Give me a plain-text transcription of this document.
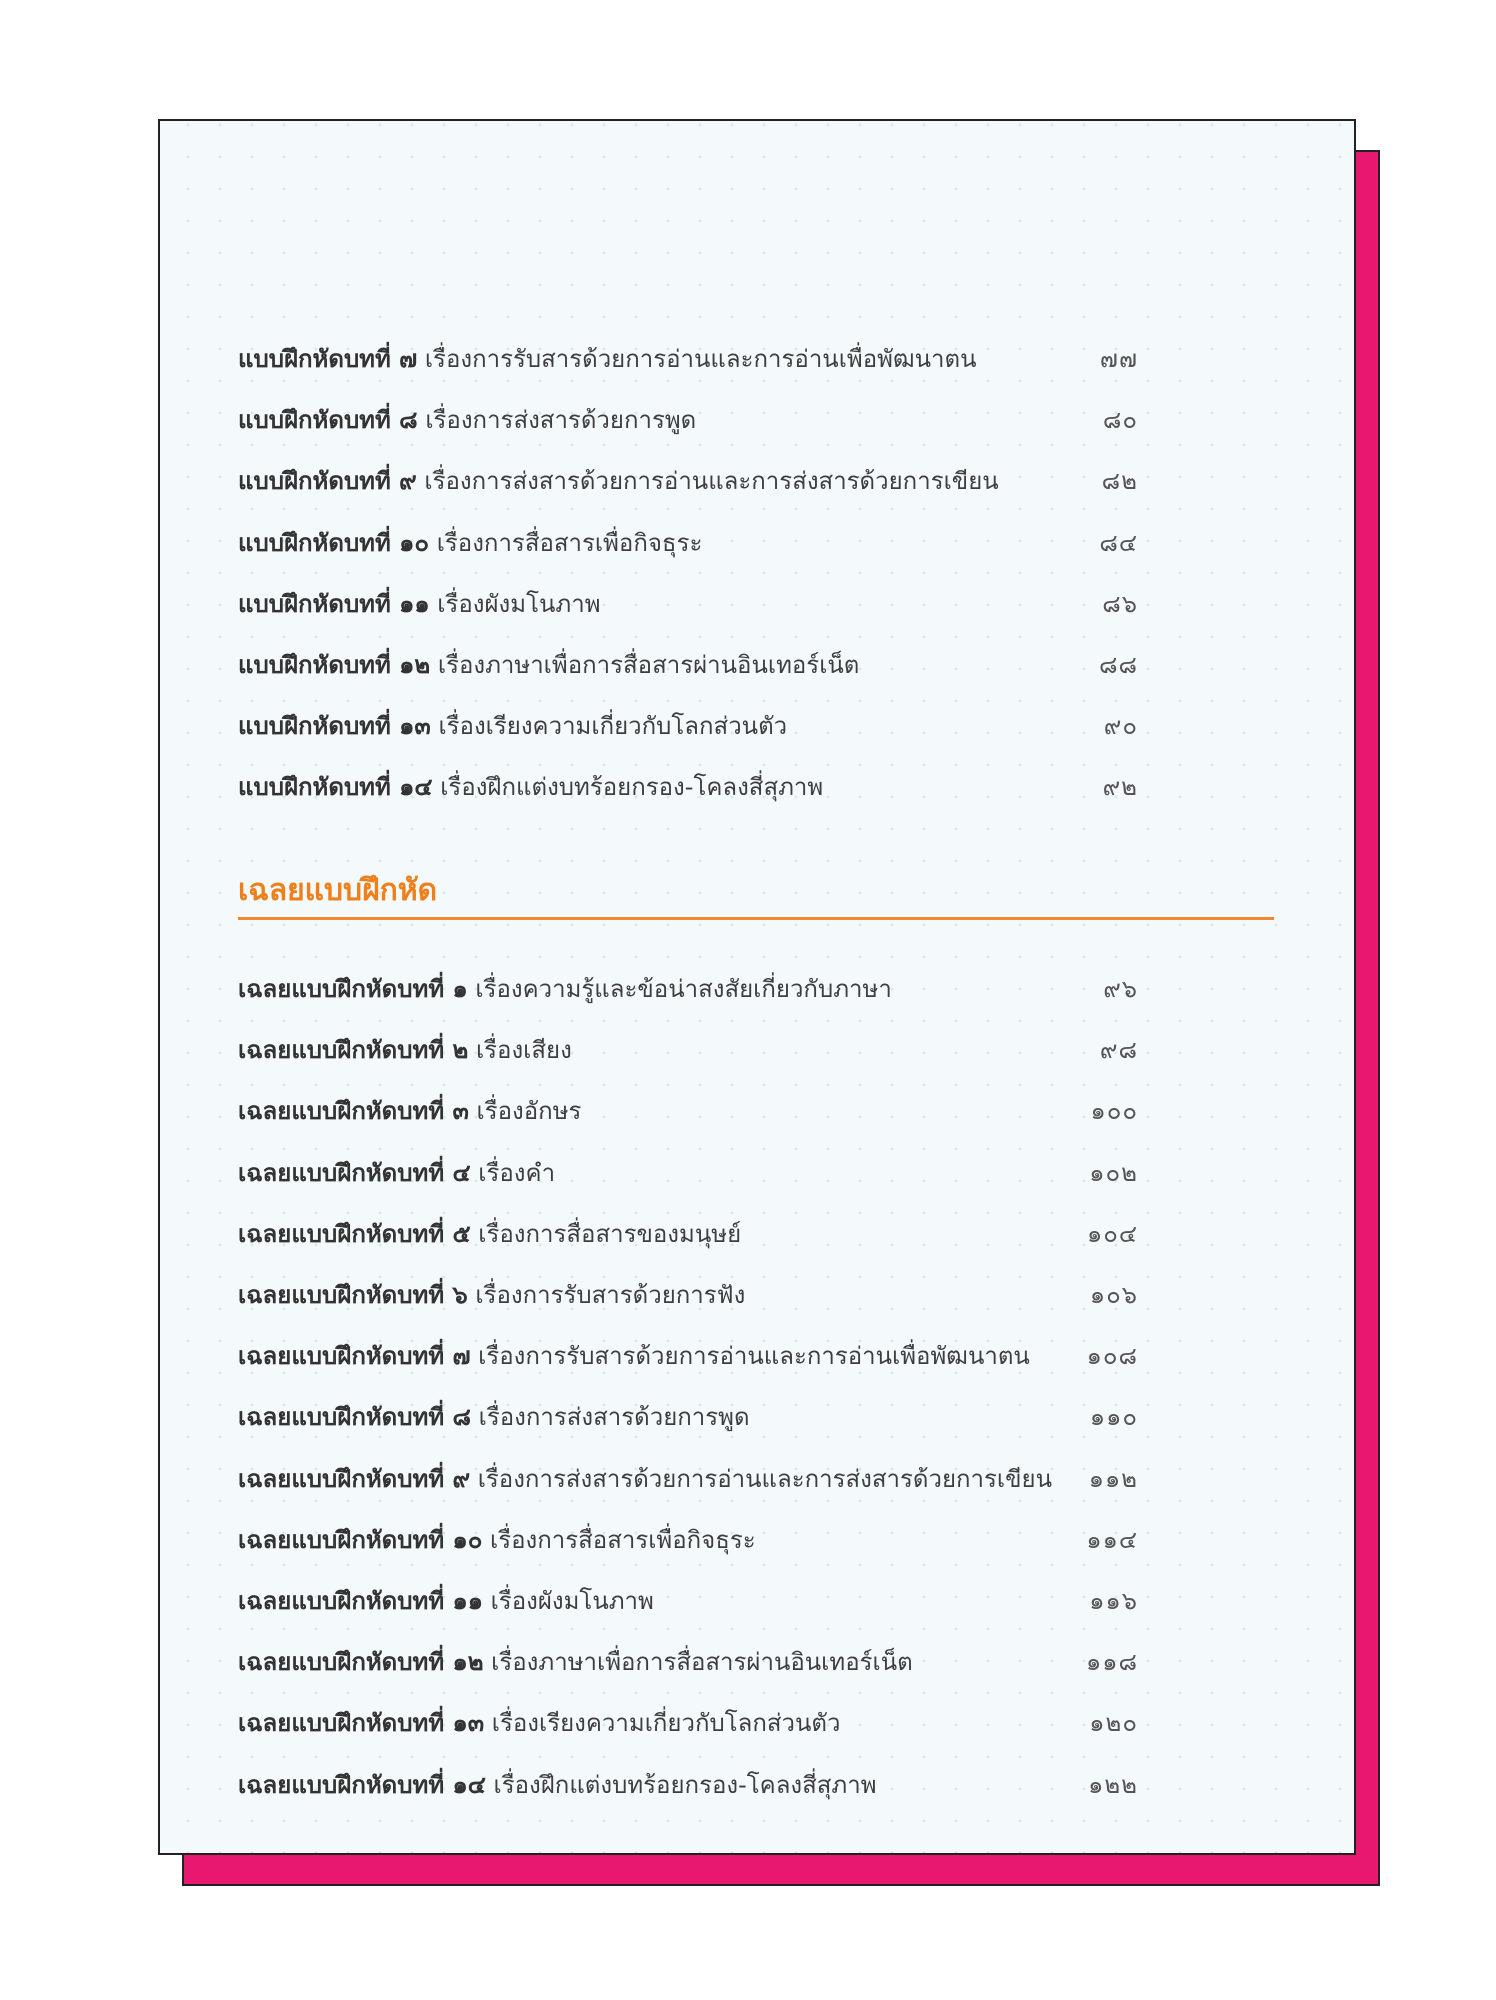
แบบฝึกหัดบทที่ ๗ เรื่องการรับสารด้วยการอ่านและการอ่านเพื่อพัฒนาตน	๗๗
แบบฝึกหัดบทที่ ๘ เรื่องการส่งสารด้วยการพูด	๘๐
แบบฝึกหัดบทที่ ๙ เรื่องการส่งสารด้วยการอ่านและการส่งสารด้วยการเขียน	๘๒
แบบฝึกหัดบทที่ ๑๐ เรื่องการสื่อสารเพื่อกิจธุระ	๘๔
แบบฝึกหัดบทที่ ๑๑ เรื่องผังมโนภาพ	๘๖
แบบฝึกหัดบทที่ ๑๒ เรื่องภาษาเพื่อการสื่อสารผ่านอินเทอร์เน็ต	๘๘
แบบฝึกหัดบทที่ ๑๓ เรื่องเรียงความเกี่ยวกับโลกส่วนตัว	๙๐
แบบฝึกหัดบทที่ ๑๔ เรื่องฝึกแต่งบทร้อยกรอง-โคลงสี่สุภาพ	๙๒
เฉลยแบบฝึกหัด
เฉลยแบบฝึกหัดบทที่ ๑ เรื่องความรู้และข้อน่าสงสัยเกี่ยวกับภาษา	๙๖
เฉลยแบบฝึกหัดบทที่ ๒ เรื่องเสียง	๙๘
เฉลยแบบฝึกหัดบทที่ ๓ เรื่องอักษร	๑๐๐
เฉลยแบบฝึกหัดบทที่ ๔ เรื่องคำ	๑๐๒
เฉลยแบบฝึกหัดบทที่ ๕ เรื่องการสื่อสารของมนุษย์	๑๐๔
เฉลยแบบฝึกหัดบทที่ ๖ เรื่องการรับสารด้วยการฟัง	๑๐๖
เฉลยแบบฝึกหัดบทที่ ๗ เรื่องการรับสารด้วยการอ่านและการอ่านเพื่อพัฒนาตน	๑๐๘
เฉลยแบบฝึกหัดบทที่ ๘ เรื่องการส่งสารด้วยการพูด	๑๑๐
เฉลยแบบฝึกหัดบทที่ ๙ เรื่องการส่งสารด้วยการอ่านและการส่งสารด้วยการเขียน	๑๑๒
เฉลยแบบฝึกหัดบทที่ ๑๐ เรื่องการสื่อสารเพื่อกิจธุระ	๑๑๔
เฉลยแบบฝึกหัดบทที่ ๑๑ เรื่องผังมโนภาพ	๑๑๖
เฉลยแบบฝึกหัดบทที่ ๑๒ เรื่องภาษาเพื่อการสื่อสารผ่านอินเทอร์เน็ต	๑๑๘
เฉลยแบบฝึกหัดบทที่ ๑๓ เรื่องเรียงความเกี่ยวกับโลกส่วนตัว	๑๒๐
เฉลยแบบฝึกหัดบทที่ ๑๔ เรื่องฝึกแต่งบทร้อยกรอง-โคลงสี่สุภาพ	๑๒๒
